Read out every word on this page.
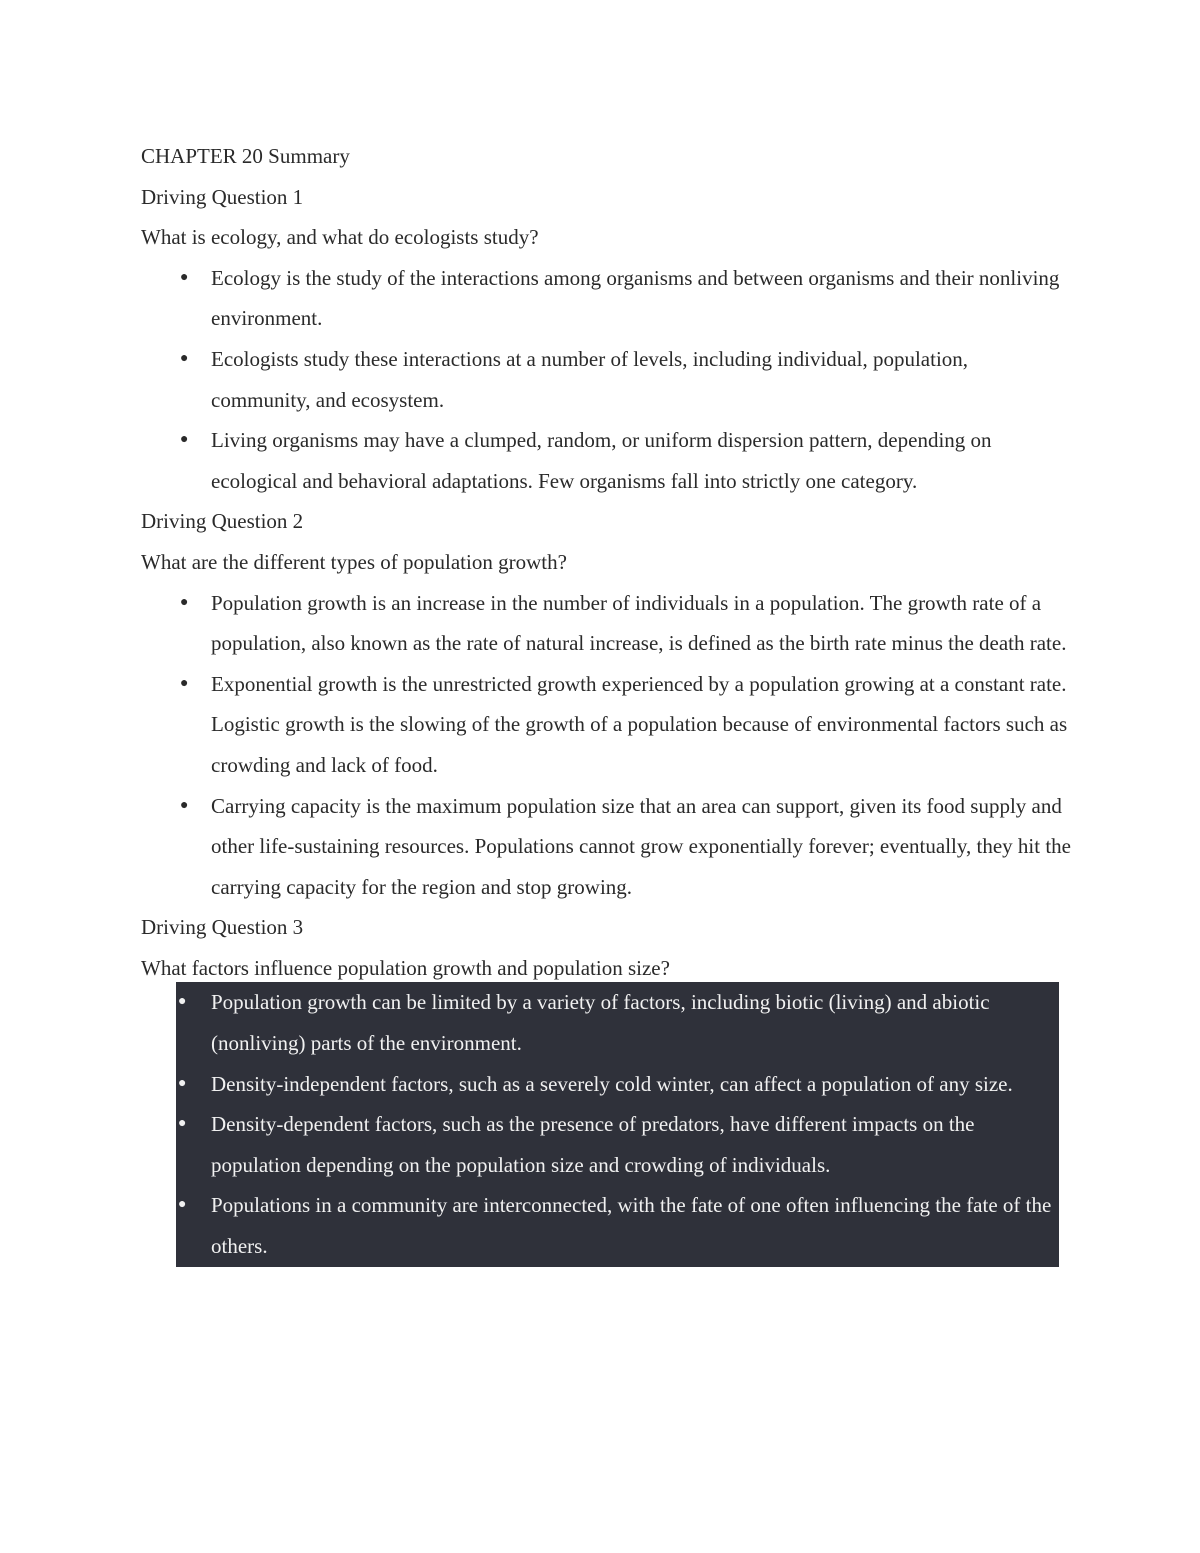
CHAPTER 20 Summary

Driving Question 1

What is ecology, and what do ecologists study?

● Ecology is the study of the interactions among organisms and between organisms and their nonliving environment.
● Ecologists study these interactions at a number of levels, including individual, population, community, and ecosystem.
● Living organisms may have a clumped, random, or uniform dispersion pattern, depending on ecological and behavioral adaptations. Few organisms fall into strictly one category.

Driving Question 2

What are the different types of population growth?

● Population growth is an increase in the number of individuals in a population. The growth rate of a population, also known as the rate of natural increase, is defined as the birth rate minus the death rate.
● Exponential growth is the unrestricted growth experienced by a population growing at a constant rate. Logistic growth is the slowing of the growth of a population because of environmental factors such as crowding and lack of food.
● Carrying capacity is the maximum population size that an area can support, given its food supply and other life-sustaining resources. Populations cannot grow exponentially forever; eventually, they hit the carrying capacity for the region and stop growing.

Driving Question 3

What factors influence population growth and population size?

● Population growth can be limited by a variety of factors, including biotic (living) and abiotic (nonliving) parts of the environment.
● Density-independent factors, such as a severely cold winter, can affect a population of any size.
● Density-dependent factors, such as the presence of predators, have different impacts on the population depending on the population size and crowding of individuals.
● Populations in a community are interconnected, with the fate of one often influencing the fate of the others.
